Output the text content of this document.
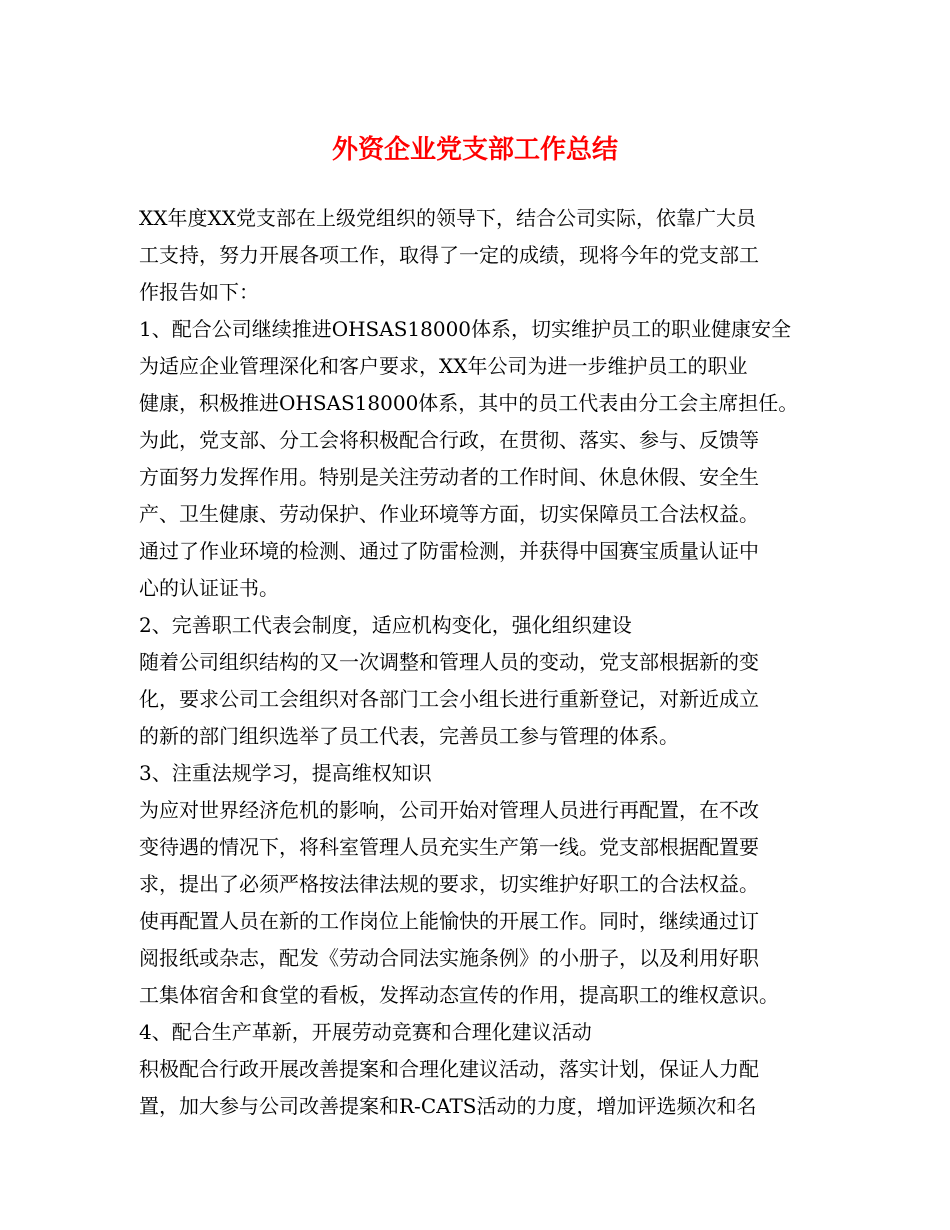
外资企业党支部工作总结

XX年度XX党支部在上级党组织的领导下，结合公司实际，依靠广大员

工支持，努力开展各项工作，取得了一定的成绩，现将今年的党支部工

作报告如下：

1、配合公司继续推进OHSAS18000体系，切实维护员工的职业健康安全

为适应企业管理深化和客户要求，XX年公司为进一步维护员工的职业

健康，积极推进OHSAS18000体系，其中的员工代表由分工会主席担任。

为此，党支部、分工会将积极配合行政，在贯彻、落实、参与、反馈等

方面努力发挥作用。特别是关注劳动者的工作时间、休息休假、安全生

产、卫生健康、劳动保护、作业环境等方面，切实保障员工合法权益。

通过了作业环境的检测、通过了防雷检测，并获得中国赛宝质量认证中

心的认证证书。

2、完善职工代表会制度，适应机构变化，强化组织建设

随着公司组织结构的又一次调整和管理人员的变动，党支部根据新的变

化，要求公司工会组织对各部门工会小组长进行重新登记，对新近成立

的新的部门组织选举了员工代表，完善员工参与管理的体系。

3、注重法规学习，提高维权知识

为应对世界经济危机的影响，公司开始对管理人员进行再配置，在不改

变待遇的情况下，将科室管理人员充实生产第一线。党支部根据配置要

求，提出了必须严格按法律法规的要求，切实维护好职工的合法权益。

使再配置人员在新的工作岗位上能愉快的开展工作。同时，继续通过订

阅报纸或杂志，配发《劳动合同法实施条例》的小册子，以及利用好职

工集体宿舍和食堂的看板，发挥动态宣传的作用，提高职工的维权意识。

4、配合生产革新，开展劳动竞赛和合理化建议活动

积极配合行政开展改善提案和合理化建议活动，落实计划，保证人力配

置，加大参与公司改善提案和R-CATS活动的力度，增加评选频次和名
